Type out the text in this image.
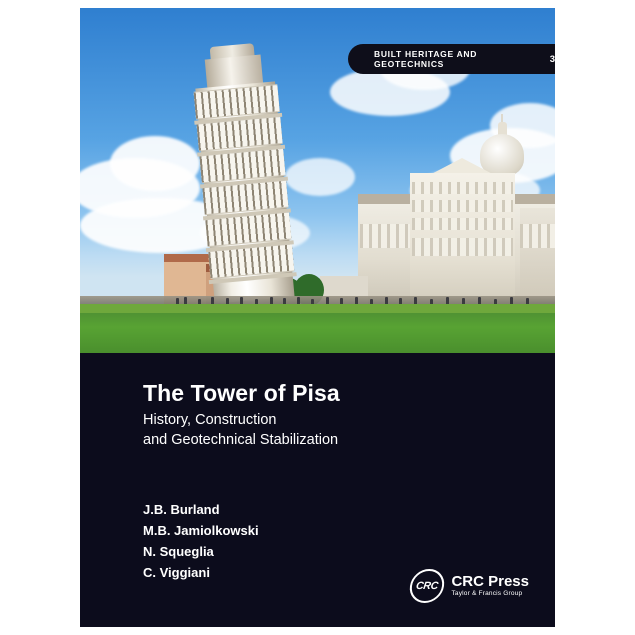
BUILT HERITAGE AND GEOTECHNICS	3
The Tower of Pisa
History, Construction
and Geotechnical Stabilization
J.B. Burland
M.B. Jamiolkowski
N. Squeglia
C. Viggiani
CRC CRC Press
Taylor & Francis Group
